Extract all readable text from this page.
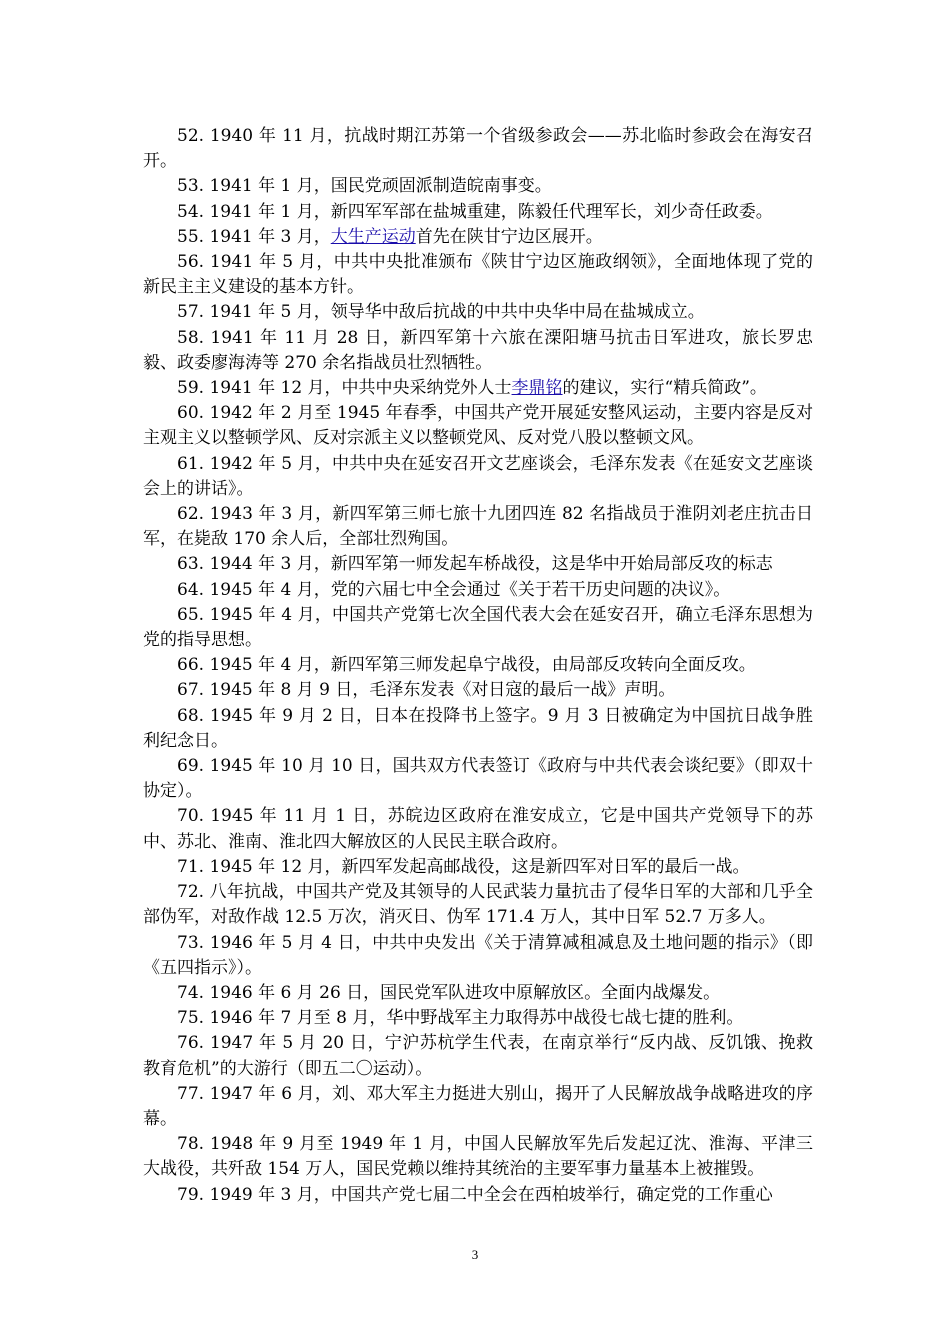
52. 1940 年 11 月，抗战时期江苏第一个省级参政会——苏北临时参政会在海安召开。

53. 1941 年 1 月，国民党顽固派制造皖南事变。

54. 1941 年 1 月，新四军军部在盐城重建，陈毅任代理军长，刘少奇任政委。

55. 1941 年 3 月，大生产运动首先在陕甘宁边区展开。

56. 1941 年 5 月，中共中央批准颁布《陕甘宁边区施政纲领》，全面地体现了党的新民主主义建设的基本方针。

57. 1941 年 5 月，领导华中敌后抗战的中共中央华中局在盐城成立。

58. 1941 年 11 月 28 日，新四军第十六旅在溧阳塘马抗击日军进攻，旅长罗忠毅、政委廖海涛等 270 余名指战员壮烈牺牲。

59. 1941 年 12 月，中共中央采纳党外人士李鼎铭的建议，实行“精兵简政”。

60. 1942 年 2 月至 1945 年春季，中国共产党开展延安整风运动，主要内容是反对主观主义以整顿学风、反对宗派主义以整顿党风、反对党八股以整顿文风。

61. 1942 年 5 月，中共中央在延安召开文艺座谈会，毛泽东发表《在延安文艺座谈会上的讲话》。

62. 1943 年 3 月，新四军第三师七旅十九团四连 82 名指战员于淮阴刘老庄抗击日军，在毙敌 170 余人后，全部壮烈殉国。

63. 1944 年 3 月，新四军第一师发起车桥战役，这是华中开始局部反攻的标志

64. 1945 年 4 月，党的六届七中全会通过《关于若干历史问题的决议》。

65. 1945 年 4 月，中国共产党第七次全国代表大会在延安召开，确立毛泽东思想为党的指导思想。

66. 1945 年 4 月，新四军第三师发起阜宁战役，由局部反攻转向全面反攻。

67. 1945 年 8 月 9 日，毛泽东发表《对日寇的最后一战》声明。

68. 1945 年 9 月 2 日，日本在投降书上签字。9 月 3 日被确定为中国抗日战争胜利纪念日。

69. 1945 年 10 月 10 日，国共双方代表签订《政府与中共代表会谈纪要》（即双十协定）。

70. 1945 年 11 月 1 日，苏皖边区政府在淮安成立，它是中国共产党领导下的苏中、苏北、淮南、淮北四大解放区的人民民主联合政府。

71. 1945 年 12 月，新四军发起高邮战役，这是新四军对日军的最后一战。

72. 八年抗战，中国共产党及其领导的人民武装力量抗击了侵华日军的大部和几乎全部伪军，对敌作战 12.5 万次，消灭日、伪军 171.4 万人，其中日军 52.7 万多人。

73. 1946 年 5 月 4 日，中共中央发出《关于清算减租减息及土地问题的指示》（即《五四指示》）。

74. 1946 年 6 月 26 日，国民党军队进攻中原解放区。全面内战爆发。

75. 1946 年 7 月至 8 月，华中野战军主力取得苏中战役七战七捷的胜利。

76. 1947 年 5 月 20 日，宁沪苏杭学生代表，在南京举行“反内战、反饥饿、挽救教育危机”的大游行（即五二〇运动）。

77. 1947 年 6 月，刘、邓大军主力挺进大别山，揭开了人民解放战争战略进攻的序幕。

78. 1948 年 9 月至 1949 年 1 月，中国人民解放军先后发起辽沈、淮海、平津三大战役，共歼敌 154 万人，国民党赖以维持其统治的主要军事力量基本上被摧毁。

79. 1949 年 3 月，中国共产党七届二中全会在西柏坡举行，确定党的工作重心

3
